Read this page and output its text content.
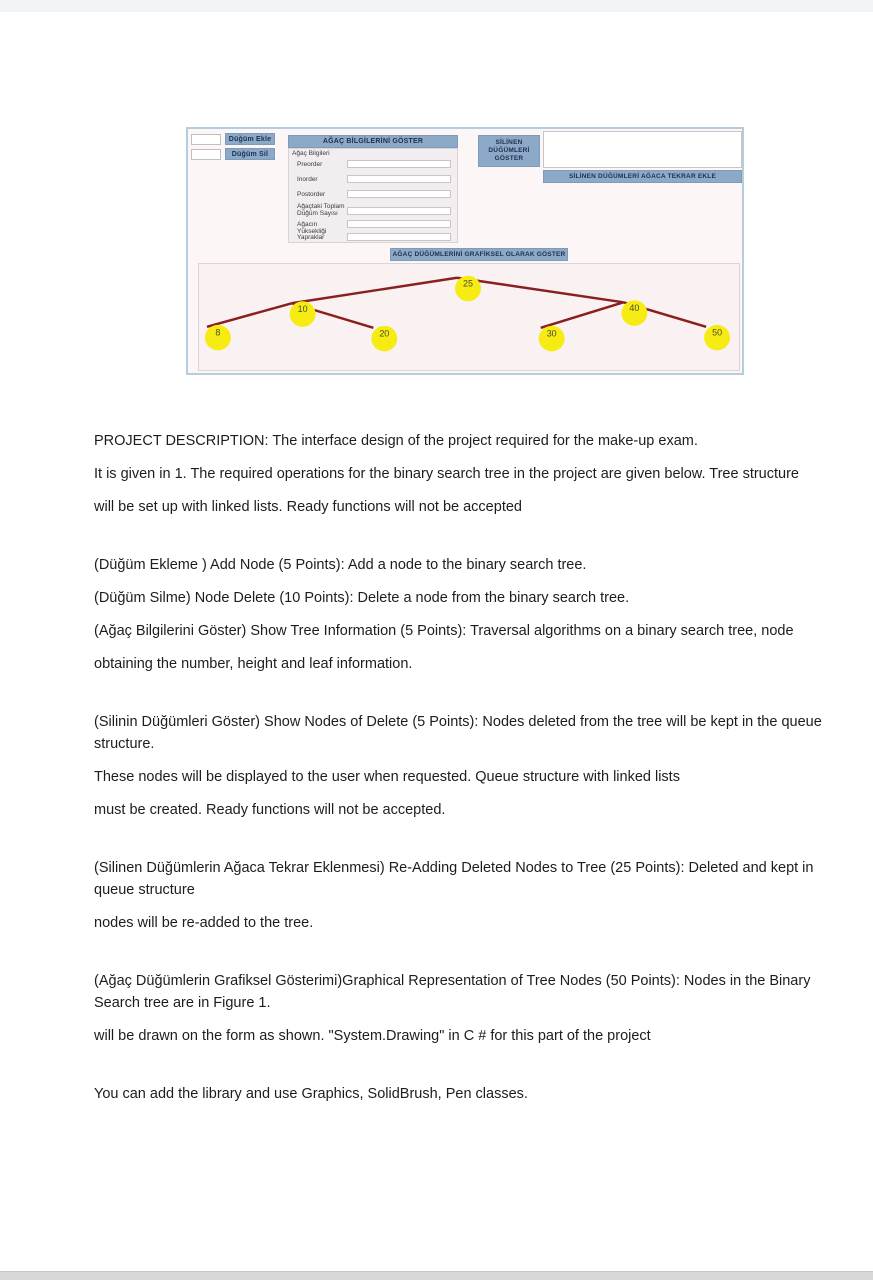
Düğüm Ekle
Düğüm Sil
AĞAÇ BİLGİLERİNİ GÖSTER
Ağaç Bilgileri
Preorder
Inorder
Postorder
Ağaçtaki Toplam Düğüm Sayısı
Ağacın Yüksekliği
Yapraklar
SİLİNEN DÜĞÜMLERİ GÖSTER
SİLİNEN DÜĞÜMLERİ AĞACA TEKRAR EKLE
AĞAÇ DÜĞÜMLERİNİ GRAFİKSEL OLARAK GÖSTER
25
10	40
8	20	30	50

PROJECT DESCRIPTION: The interface design of the project required for the make-up exam.

It is given in 1. The required operations for the binary search tree in the project are given below. Tree structure

will be set up with linked lists. Ready functions will not be accepted

(Düğüm Ekleme ) Add Node (5 Points): Add a node to the binary search tree.

(Düğüm Silme) Node Delete (10 Points): Delete a node from the binary search tree.

(Ağaç Bilgilerini Göster) Show Tree Information (5 Points): Traversal algorithms on a binary search tree, node

obtaining the number, height and leaf information.

(Silinin Düğümleri Göster) Show Nodes of Delete (5 Points): Nodes deleted from the tree will be kept in the queue structure.

These nodes will be displayed to the user when requested. Queue structure with linked lists

must be created. Ready functions will not be accepted.

(Silinen Düğümlerin Ağaca Tekrar Eklenmesi) Re-Adding Deleted Nodes to Tree (25 Points): Deleted and kept in queue structure

nodes will be re-added to the tree.

(Ağaç Düğümlerin Grafiksel Gösterimi)Graphical Representation of Tree Nodes (50 Points): Nodes in the Binary Search tree are in Figure 1.

will be drawn on the form as shown. "System.Drawing" in C # for this part of the project

You can add the library and use Graphics, SolidBrush, Pen classes.
